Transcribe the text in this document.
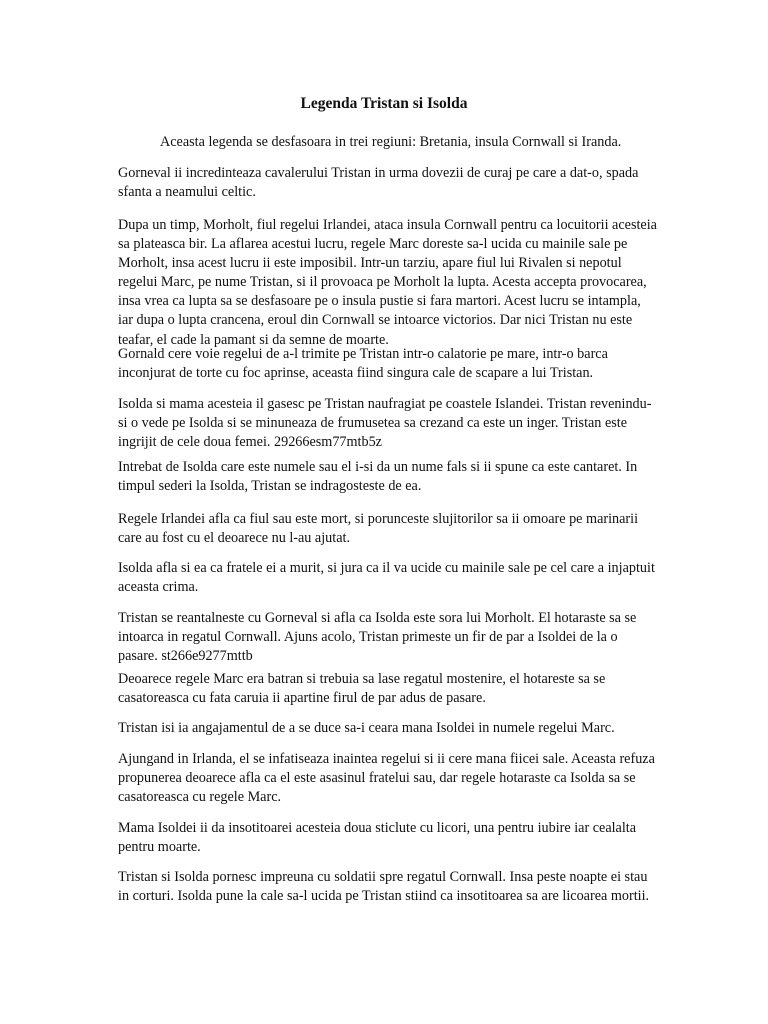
Legenda Tristan si Isolda

Aceasta legenda se desfasoara in trei regiuni: Bretania, insula Cornwall si Iranda.

Gorneval ii incredinteaza cavalerului Tristan in urma dovezii de curaj pe care a dat-o, spada sfanta a neamului celtic.

Dupa un timp, Morholt, fiul regelui Irlandei, ataca insula Cornwall pentru ca locuitorii acesteia sa plateasca bir. La aflarea acestui lucru, regele Marc doreste sa-l ucida cu mainile sale pe Morholt, insa acest lucru ii este imposibil. Intr-un tarziu, apare fiul lui Rivalen si nepotul regelui Marc, pe nume Tristan, si il provoaca pe Morholt la lupta. Acesta accepta provocarea, insa vrea ca lupta sa se desfasoare pe o insula pustie si fara martori. Acest lucru se intampla, iar dupa o lupta crancena, eroul din Cornwall se intoarce victorios. Dar nici Tristan nu este teafar, el cade la pamant si da semne de moarte.

Gornald cere voie regelui de a-l trimite pe Tristan intr-o calatorie pe mare, intr-o barca inconjurat de torte cu foc aprinse, aceasta fiind singura cale de scapare a lui Tristan.

Isolda si mama acesteia il gasesc pe Tristan naufragiat pe coastele Islandei. Tristan revenindu-si o vede pe Isolda si se minuneaza de frumusetea sa crezand ca este un inger. Tristan este ingrijit de cele doua femei. 29266esm77mtb5z

Intrebat de Isolda care este numele sau el i-si da un nume fals si ii spune ca este cantaret. In timpul sederi la Isolda, Tristan se indragosteste de ea.

Regele Irlandei afla ca fiul sau este mort, si porunceste slujitorilor sa ii omoare pe marinarii care au fost cu el deoarece nu l-au ajutat.

Isolda afla si ea ca fratele ei a murit, si jura ca il va ucide cu mainile sale pe cel care a injaptuit aceasta crima.

Tristan se reantalneste cu Gorneval si afla ca Isolda este sora lui Morholt. El hotaraste sa se intoarca in regatul Cornwall. Ajuns acolo, Tristan primeste un fir de par a Isoldei de la o pasare. st266e9277mttb

Deoarece regele Marc era batran si trebuia sa lase regatul mostenire, el hotareste sa se casatoreasca cu fata caruia ii apartine firul de par adus de pasare.

Tristan isi ia angajamentul de a se duce sa-i ceara mana Isoldei in numele regelui Marc.

Ajungand in Irlanda, el se infatiseaza inaintea regelui si ii cere mana fiicei sale. Aceasta refuza propunerea deoarece afla ca el este asasinul fratelui sau, dar regele hotaraste ca Isolda sa se casatoreasca cu regele Marc.

Mama Isoldei ii da insotitoarei acesteia doua sticlute cu licori, una pentru iubire iar cealalta pentru moarte.

Tristan si Isolda pornesc impreuna cu soldatii spre regatul Cornwall. Insa peste noapte ei stau in corturi. Isolda pune la cale sa-l ucida pe Tristan stiind ca insotitoarea sa are licoarea mortii.
